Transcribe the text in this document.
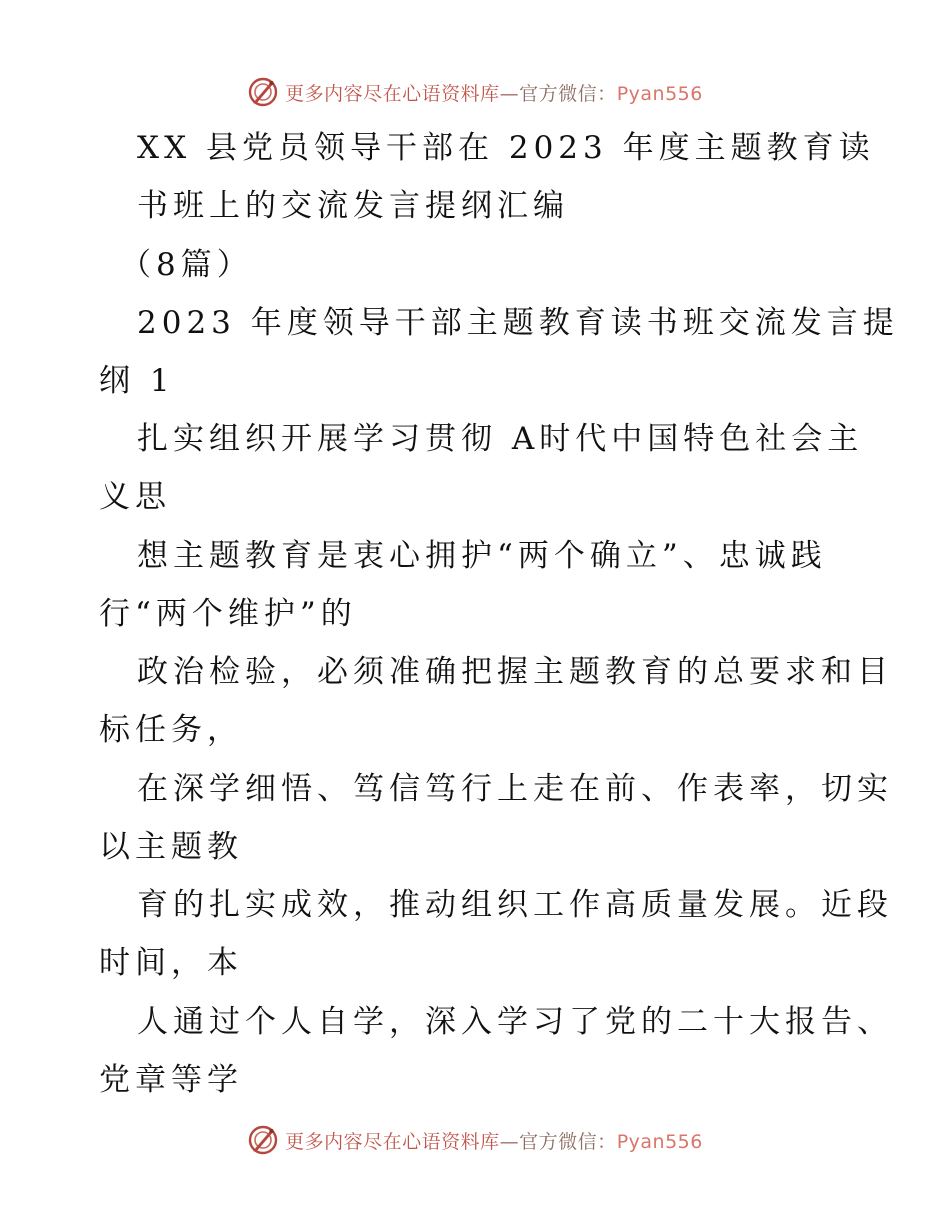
更多内容尽在心语资料库—官方微信：Pyan556
XX 县党员领导干部在 2023 年度主题教育读
书班上的交流发言提纲汇编
（8篇）
2023 年度领导干部主题教育读书班交流发言提
纲 1
扎实组织开展学习贯彻 A时代中国特色社会主
义思
想主题教育是衷心拥护“两个确立”、忠诚践
行“两个维护”的
政治检验，必须准确把握主题教育的总要求和目
标任务，
在深学细悟、笃信笃行上走在前、作表率，切实
以主题教
育的扎实成效，推动组织工作高质量发展。近段
时间，本
人通过个人自学，深入学习了党的二十大报告、
党章等学
更多内容尽在心语资料库—官方微信：Pyan556
